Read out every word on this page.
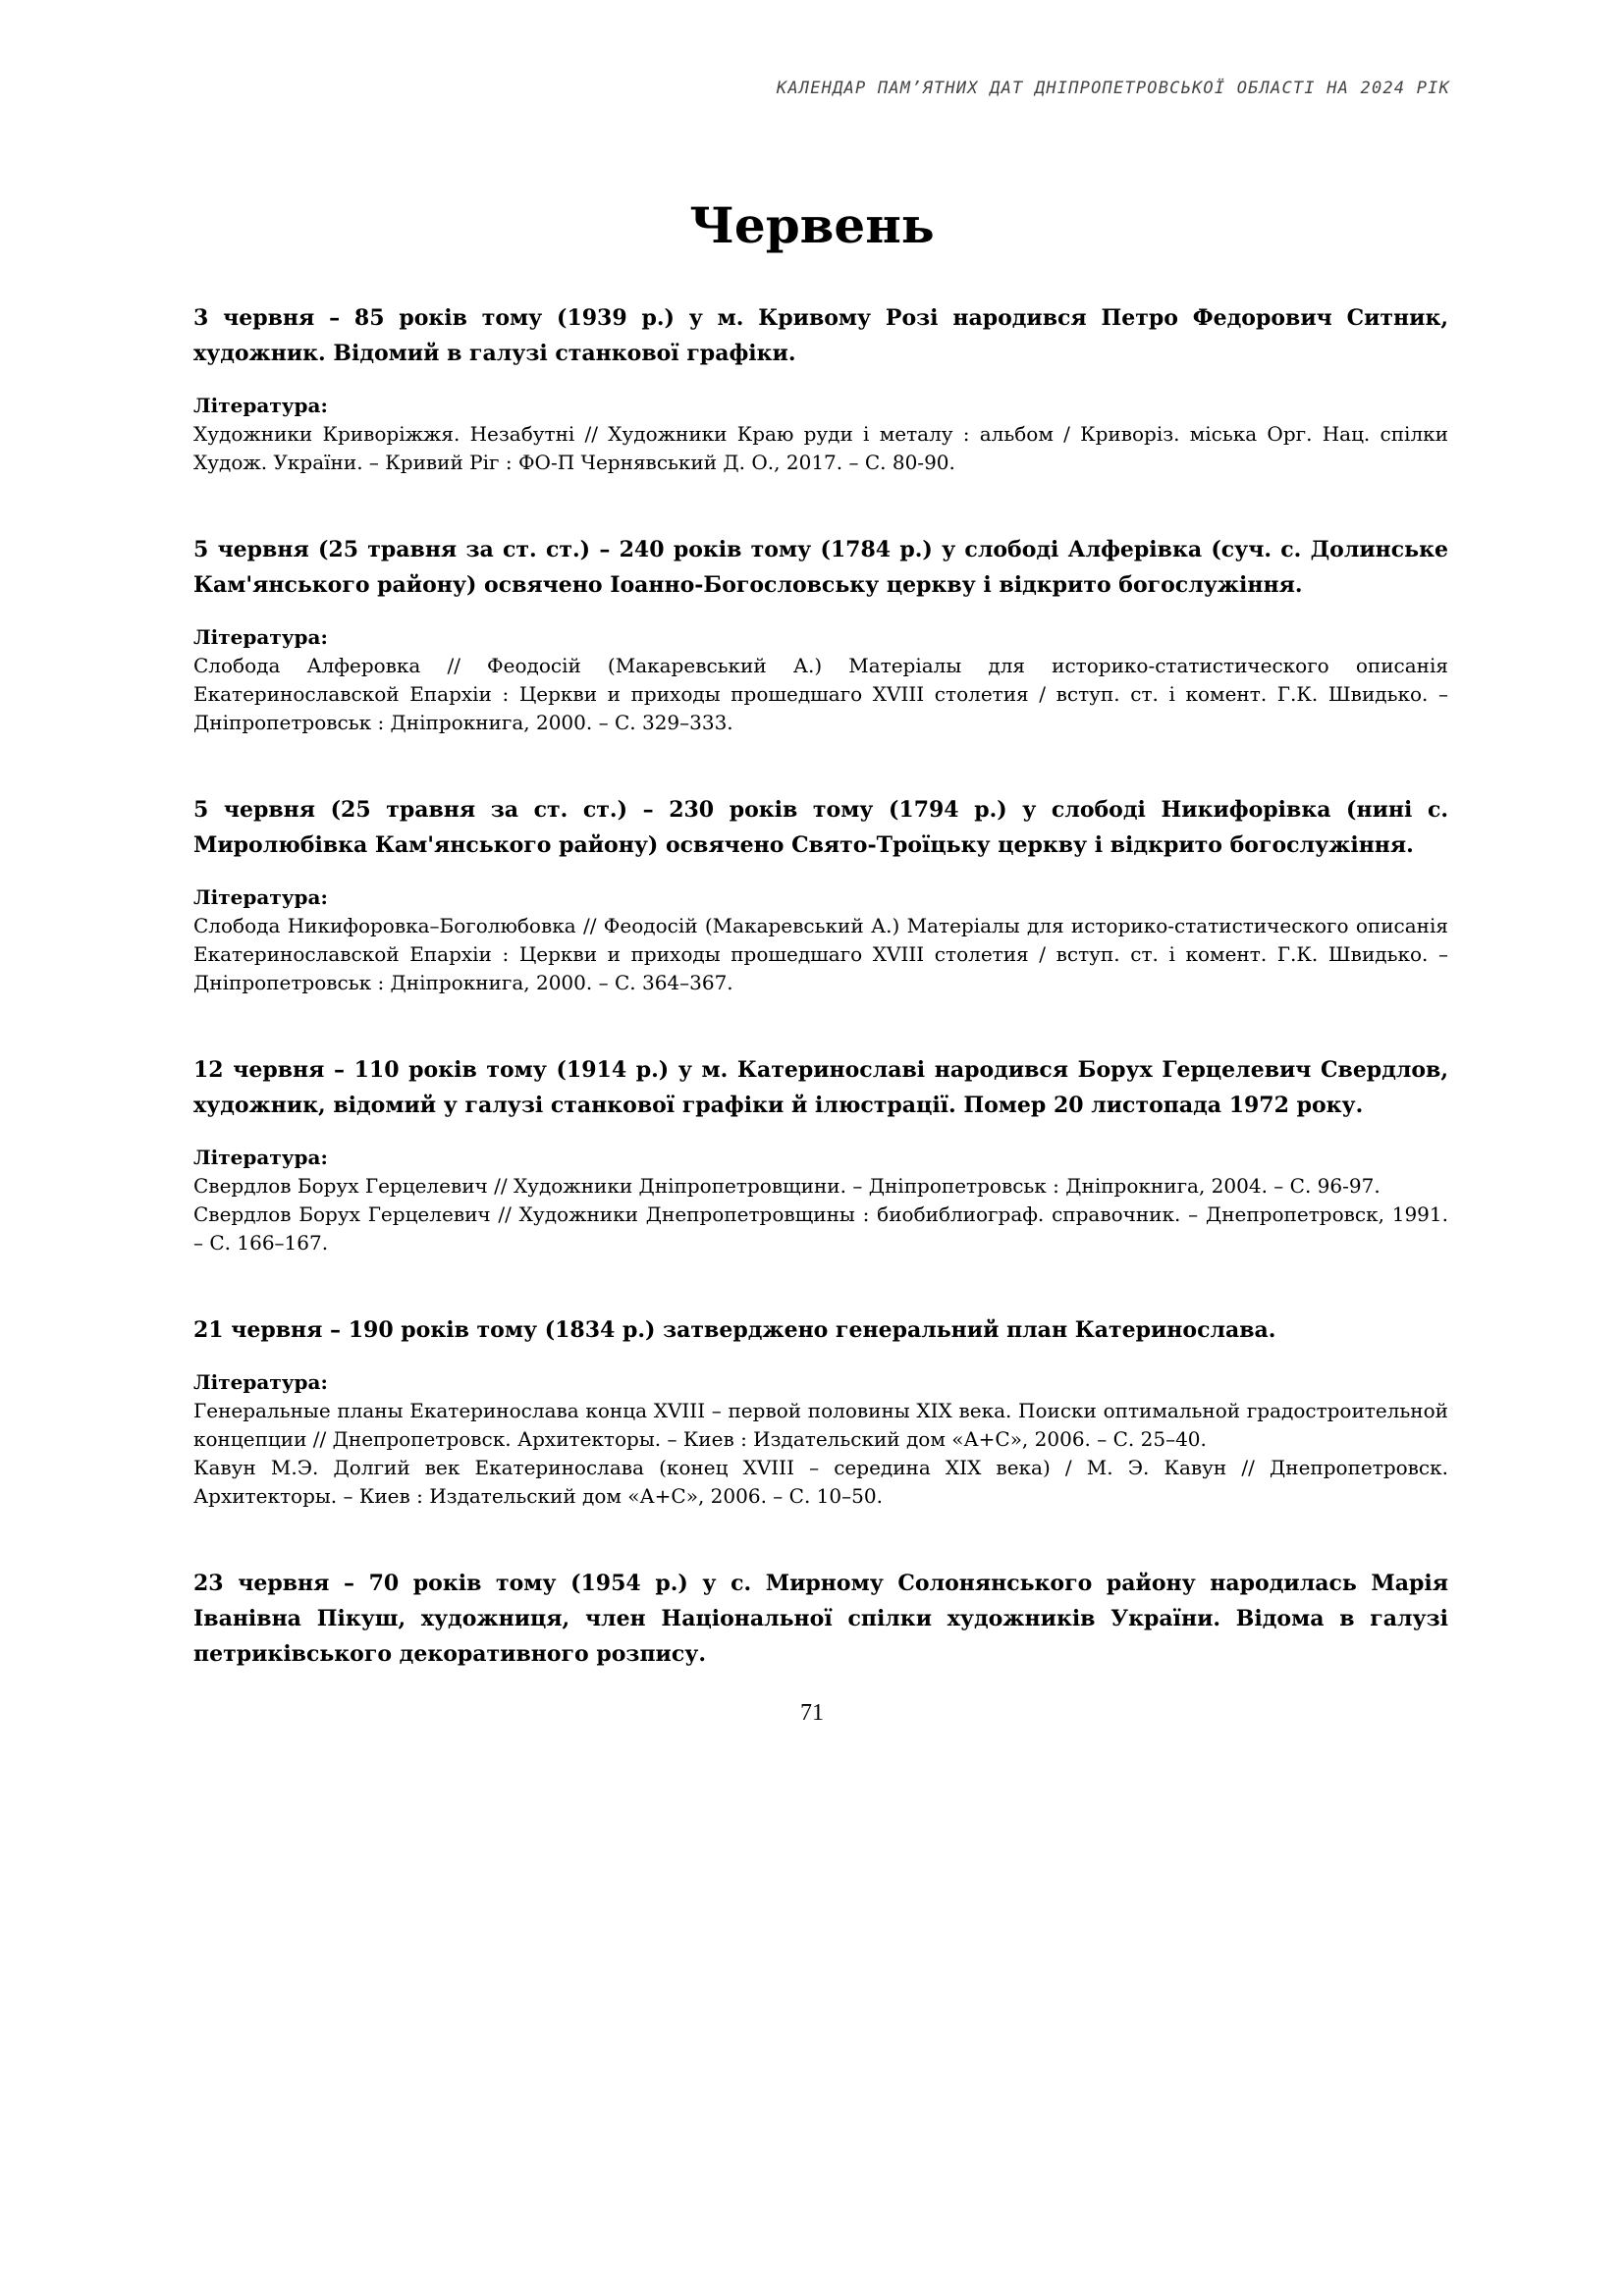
КАЛЕНДАР ПАМ’ЯТНИХ ДАТ ДНІПРОПЕТРОВСЬКОЇ ОБЛАСТІ НА 2024 РІК
Червень

3 червня – 85 років тому (1939 р.) у м. Кривому Розі народився Петро Федорович Ситник, художник. Відомий в галузі станкової графіки.

Література:

Художники Криворіжжя. Незабутні // Художники Краю руди і металу : альбом / Криворіз. міська Орг. Нац. спілки Худож. України. – Кривий Ріг : ФО-П Чернявський Д. О., 2017. – С. 80-90.

5 червня (25 травня за ст. ст.) – 240 років тому (1784 р.) у слободі Алферівка (суч. с. Долинське Кам'янського району) освячено Іоанно-Богословську церкву і відкрито богослужіння.

Література:

Слобода Алферовка // Феодосій (Макаревський А.) Матеріалы для историко-статистического описанія Екатеринославской Епархіи : Церкви и приходы прошедшаго XVIII столетия / вступ. ст. і комент. Г.К. Швидько. – Дніпропетровськ : Дніпрокнига, 2000. – С. 329–333.

5 червня (25 травня за ст. ст.) – 230 років тому (1794 р.) у слободі Никифорівка (нині с. Миролюбівка Кам'янського району) освячено Свято-Троїцьку церкву і відкрито богослужіння.

Література:

Слобода Никифоровка–Боголюбовка // Феодосій (Макаревський А.) Матеріалы для историко-статистического описанія Екатеринославской Епархіи : Церкви и приходы прошедшаго XVIII столетия / вступ. ст. і комент. Г.К. Швидько. – Дніпропетровськ : Дніпрокнига, 2000. – С. 364–367.

12 червня – 110 років тому (1914 р.) у м. Катеринославі народився Борух Герцелевич Свердлов, художник, відомий у галузі станкової графіки й ілюстрації. Помер 20 листопада 1972 року.

Література:

Свердлов Борух Герцелевич // Художники Дніпропетровщини. – Дніпропетровськ : Дніпрокнига, 2004. – С. 96-97.

Свердлов Борух Герцелевич // Художники Днепропетровщины : биобиблиограф. справочник. – Днепропетровск, 1991. – С. 166–167.

21 червня – 190 років тому (1834 р.) затверджено генеральний план Катеринослава.

Література:

Генеральные планы Екатеринослава конца XVIII – первой половины XIX века. Поиски оптимальной градостроительной концепции // Днепропетровск. Архитекторы. – Киев : Издательский дом «А+С», 2006. – С. 25–40.

Кавун М.Э. Долгий век Екатеринослава (конец XVIII – середина XIX века) / М. Э. Кавун // Днепропетровск. Архитекторы. – Киев : Издательский дом «А+С», 2006. – С. 10–50.

23 червня – 70 років тому (1954 р.) у с. Мирному Солонянського району народилась Марія Іванівна Пікуш, художниця, член Національної спілки художників України. Відома в галузі петриківського декоративного розпису.

71
